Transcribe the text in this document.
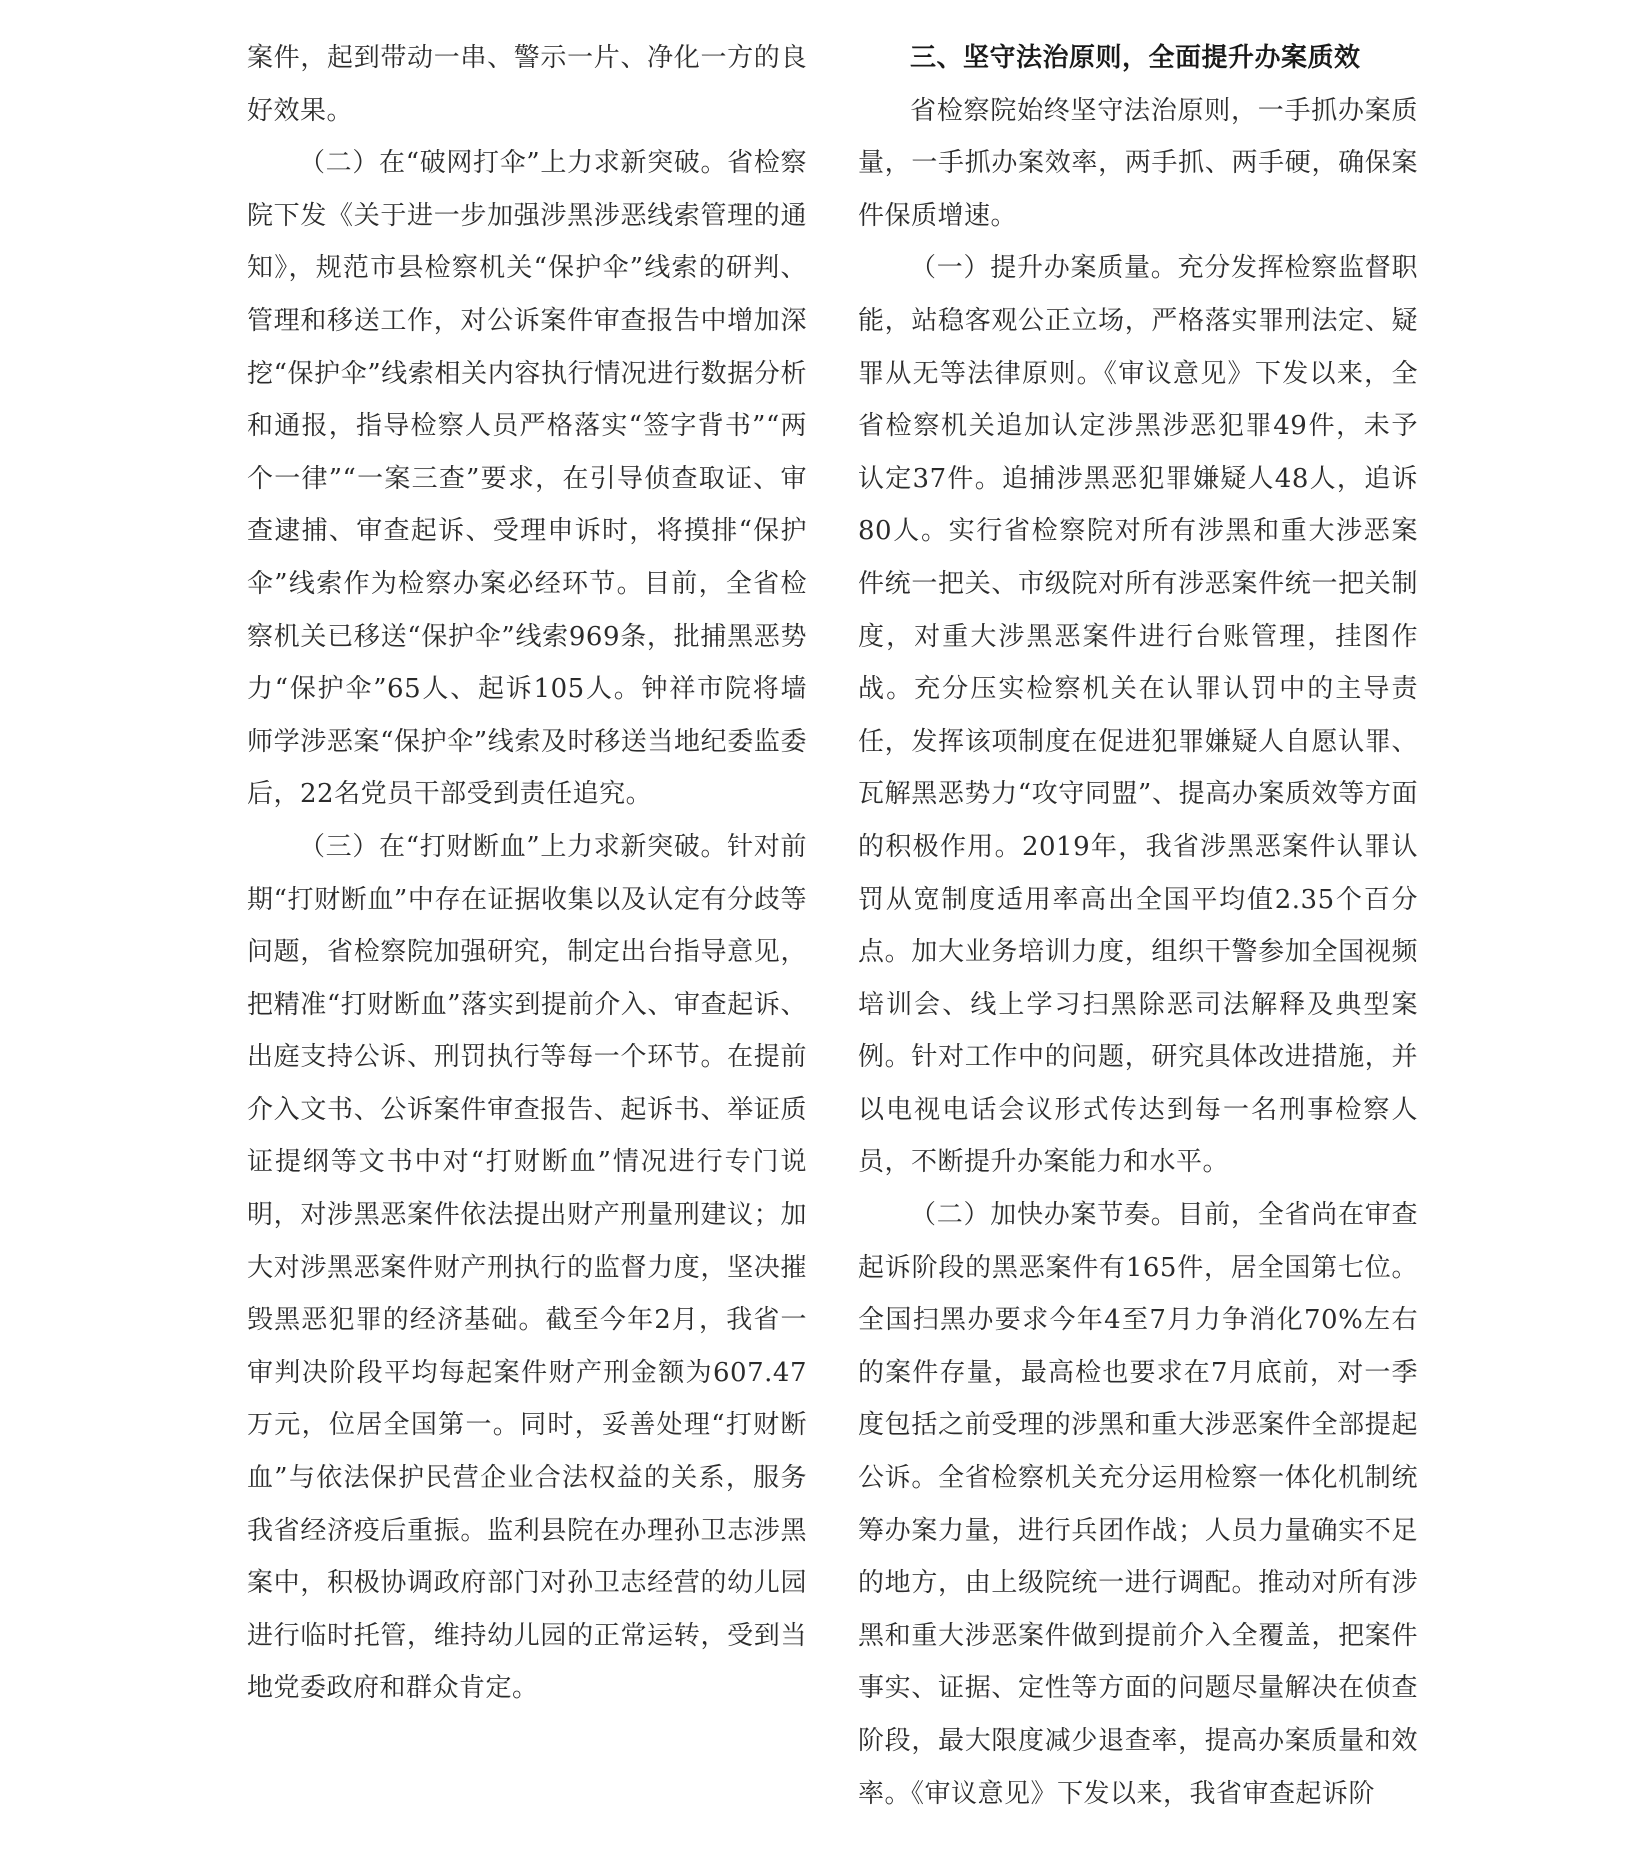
案件，起到带动一串、警示一片、净化一方的良好效果。

（二）在“破网打伞”上力求新突破。省检察院下发《关于进一步加强涉黑涉恶线索管理的通知》，规范市县检察机关“保护伞”线索的研判、管理和移送工作，对公诉案件审查报告中增加深挖“保护伞”线索相关内容执行情况进行数据分析和通报，指导检察人员严格落实“签字背书”“两个一律”“一案三查”要求，在引导侦查取证、审查逮捕、审查起诉、受理申诉时，将摸排“保护伞”线索作为检察办案必经环节。目前，全省检察机关已移送“保护伞”线索969条，批捕黑恶势力“保护伞”65人、起诉105人。钟祥市院将墙师学涉恶案“保护伞”线索及时移送当地纪委监委后，22名党员干部受到责任追究。

（三）在“打财断血”上力求新突破。针对前期“打财断血”中存在证据收集以及认定有分歧等问题，省检察院加强研究，制定出台指导意见，把精准“打财断血”落实到提前介入、审查起诉、出庭支持公诉、刑罚执行等每一个环节。在提前介入文书、公诉案件审查报告、起诉书、举证质证提纲等文书中对“打财断血”情况进行专门说明，对涉黑恶案件依法提出财产刑量刑建议；加大对涉黑恶案件财产刑执行的监督力度，坚决摧毁黑恶犯罪的经济基础。截至今年2月，我省一审判决阶段平均每起案件财产刑金额为607.47万元，位居全国第一。同时，妥善处理“打财断血”与依法保护民营企业合法权益的关系，服务我省经济疫后重振。监利县院在办理孙卫志涉黑案中，积极协调政府部门对孙卫志经营的幼儿园进行临时托管，维持幼儿园的正常运转，受到当地党委政府和群众肯定。

三、坚守法治原则，全面提升办案质效

省检察院始终坚守法治原则，一手抓办案质量，一手抓办案效率，两手抓、两手硬，确保案件保质增速。

（一）提升办案质量。充分发挥检察监督职能，站稳客观公正立场，严格落实罪刑法定、疑罪从无等法律原则。《审议意见》下发以来，全省检察机关追加认定涉黑涉恶犯罪49件，未予认定37件。追捕涉黑恶犯罪嫌疑人48人，追诉80人。实行省检察院对所有涉黑和重大涉恶案件统一把关、市级院对所有涉恶案件统一把关制度，对重大涉黑恶案件进行台账管理，挂图作战。充分压实检察机关在认罪认罚中的主导责任，发挥该项制度在促进犯罪嫌疑人自愿认罪、瓦解黑恶势力“攻守同盟”、提高办案质效等方面的积极作用。2019年，我省涉黑恶案件认罪认罚从宽制度适用率高出全国平均值2.35个百分点。加大业务培训力度，组织干警参加全国视频培训会、线上学习扫黑除恶司法解释及典型案例。针对工作中的问题，研究具体改进措施，并以电视电话会议形式传达到每一名刑事检察人员，不断提升办案能力和水平。

（二）加快办案节奏。目前，全省尚在审查起诉阶段的黑恶案件有165件，居全国第七位。全国扫黑办要求今年4至7月力争消化70%左右的案件存量，最高检也要求在7月底前，对一季度包括之前受理的涉黑和重大涉恶案件全部提起公诉。全省检察机关充分运用检察一体化机制统筹办案力量，进行兵团作战；人员力量确实不足的地方，由上级院统一进行调配。推动对所有涉黑和重大涉恶案件做到提前介入全覆盖，把案件事实、证据、定性等方面的问题尽量解决在侦查阶段，最大限度减少退查率，提高办案质量和效率。《审议意见》下发以来，我省审查起诉阶
